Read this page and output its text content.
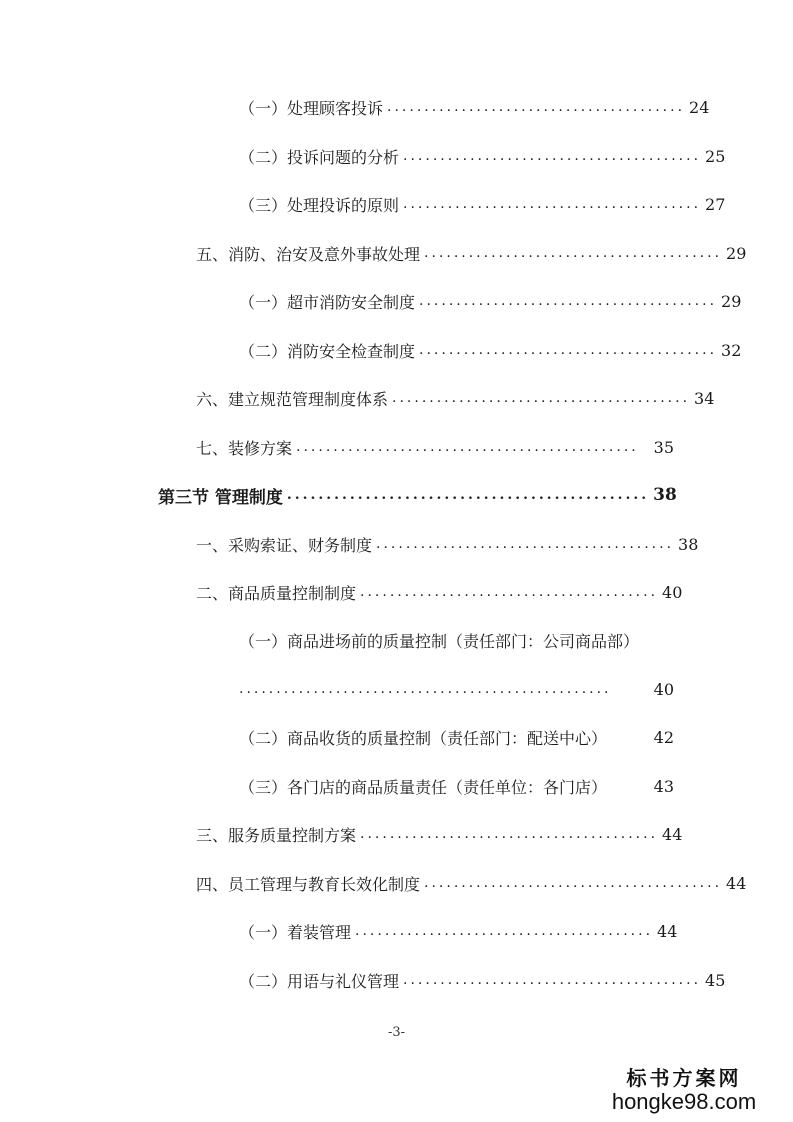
（一）处理顾客投诉 ........................................ 24
（二）投诉问题的分析 ........................................ 25
（三）处理投诉的原则 ........................................ 27
五、消防、治安及意外事故处理 ........................................ 29
（一）超市消防安全制度 ........................................ 29
（二）消防安全检查制度 ........................................ 32
六、建立规范管理制度体系 ........................................ 34
七、装修方案 .............................................. 35
第三节 管理制度 .............................................. 38
一、采购索证、财务制度 ........................................ 38
二、商品质量控制制度 ........................................ 40
（一）商品进场前的质量控制（责任部门：公司商品部）
..................................................	40
（二）商品收货的质量控制（责任部门：配送中心）	42
（三）各门店的商品质量责任（责任单位：各门店）	43
三、服务质量控制方案 ........................................ 44
四、员工管理与教育长效化制度 ........................................ 44
（一）着装管理 ........................................ 44
（二）用语与礼仪管理 ........................................ 45
-3-
标书方案网
hongke98.com
